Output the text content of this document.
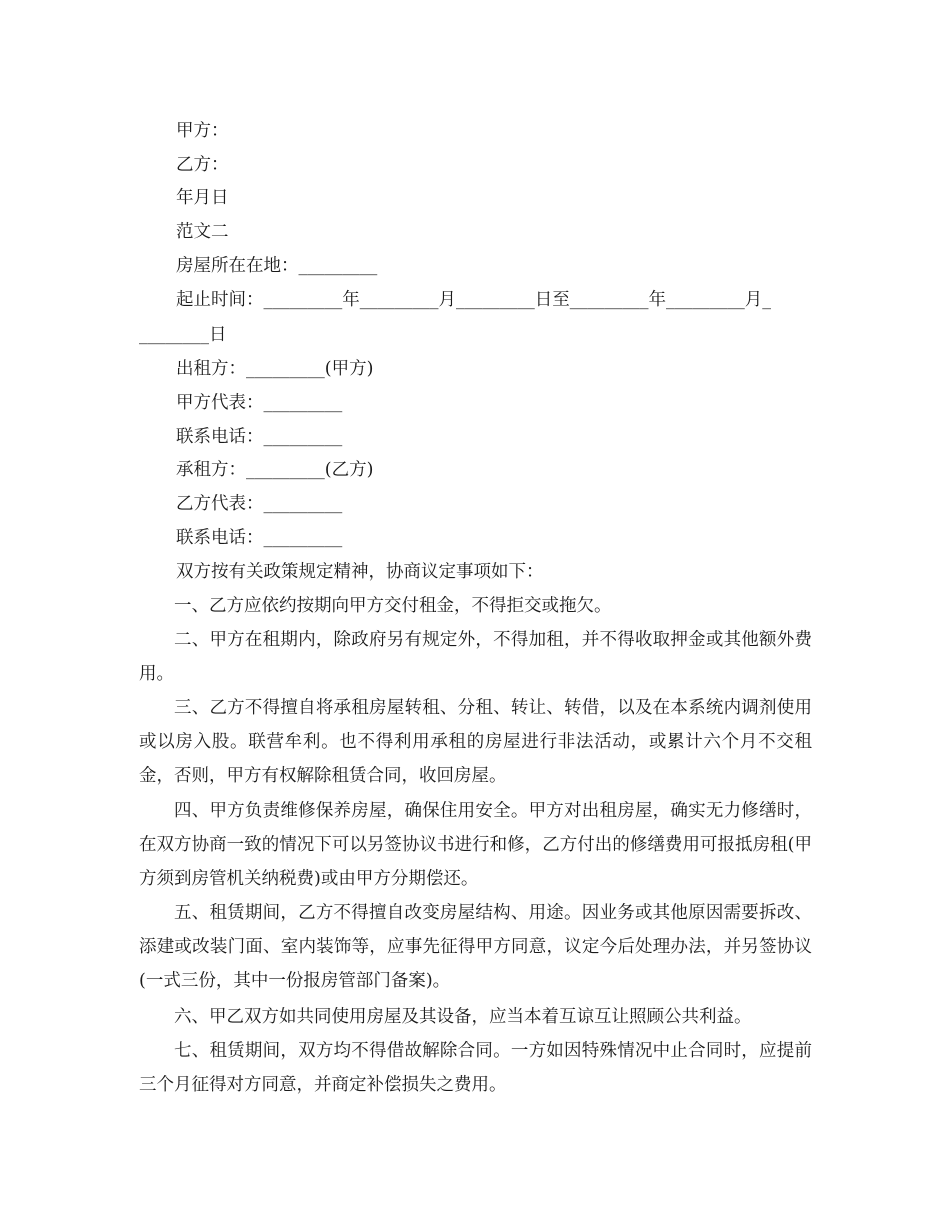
甲方：
乙方：
年月日
范文二
房屋所在在地：_________
起止时间：_________年_________月_________日至_________年_________月_
________日
出租方：_________(甲方)
甲方代表：_________
联系电话：_________
承租方：_________(乙方)
乙方代表：_________
联系电话：_________
双方按有关政策规定精神，协商议定事项如下：
一、乙方应依约按期向甲方交付租金，不得拒交或拖欠。
二、甲方在租期内，除政府另有规定外，不得加租，并不得收取押金或其他额外费用。
三、乙方不得擅自将承租房屋转租、分租、转让、转借，以及在本系统内调剂使用或以房入股。联营牟利。也不得利用承租的房屋进行非法活动，或累计六个月不交租金，否则，甲方有权解除租赁合同，收回房屋。
四、甲方负责维修保养房屋，确保住用安全。甲方对出租房屋，确实无力修缮时，在双方协商一致的情况下可以另签协议书进行和修，乙方付出的修缮费用可报抵房租(甲方须到房管机关纳税费)或由甲方分期偿还。
五、租赁期间，乙方不得擅自改变房屋结构、用途。因业务或其他原因需要拆改、添建或改装门面、室内装饰等，应事先征得甲方同意，议定今后处理办法，并另签协议(一式三份，其中一份报房管部门备案)。
六、甲乙双方如共同使用房屋及其设备，应当本着互谅互让照顾公共利益。
七、租赁期间，双方均不得借故解除合同。一方如因特殊情况中止合同时，应提前三个月征得对方同意，并商定补偿损失之费用。
